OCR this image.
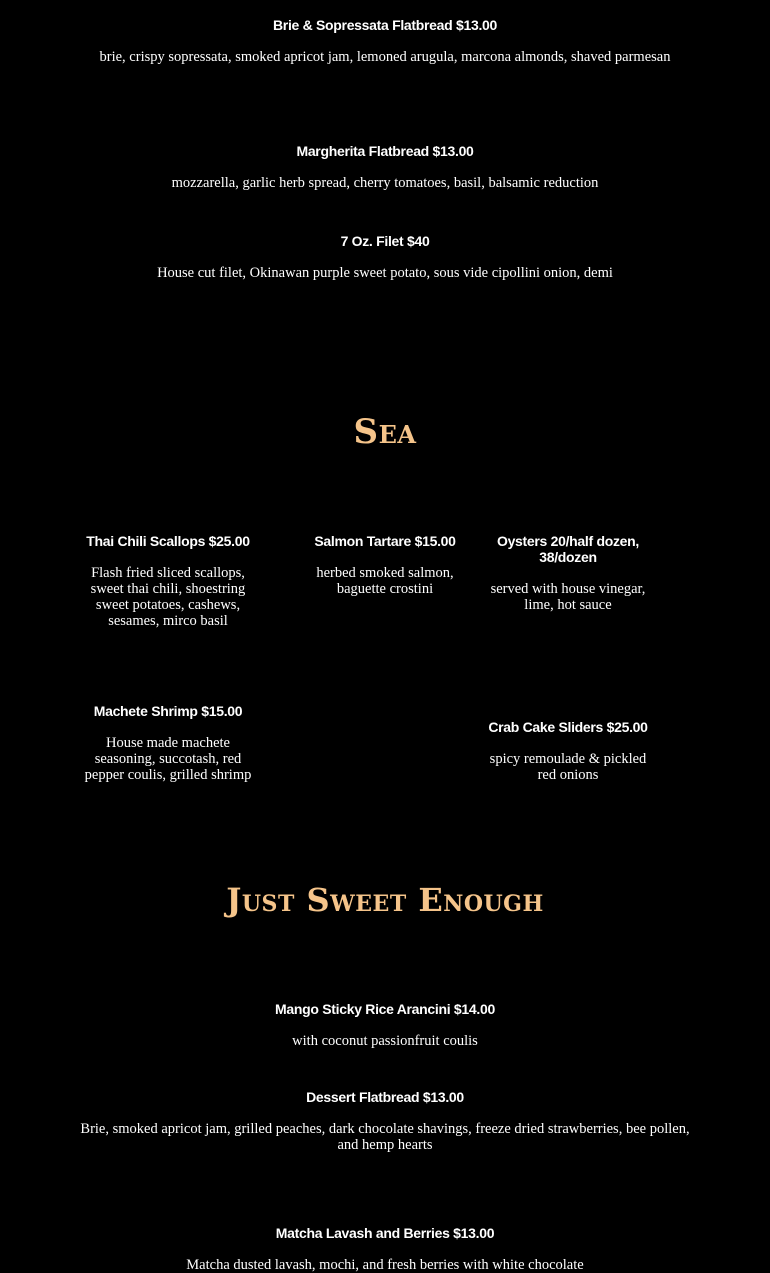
Brie & Sopressata Flatbread $13.00

brie, crispy sopressata, smoked apricot jam, lemoned arugula, marcona almonds, shaved parmesan

Margherita Flatbread $13.00

mozzarella, garlic herb spread, cherry tomatoes, basil, balsamic reduction

7 Oz. Filet $40

House cut filet, Okinawan purple sweet potato, sous vide cipollini onion, demi

Sea

Thai Chili Scallops $25.00

Flash fried sliced scallops, sweet thai chili, shoestring sweet potatoes, cashews, sesames, mirco basil

Salmon Tartare $15.00

herbed smoked salmon, baguette crostini

Oysters 20/half dozen, 38/dozen

served with house vinegar, lime, hot sauce

Machete Shrimp $15.00

House made machete seasoning, succotash, red pepper coulis, grilled shrimp

Crab Cake Sliders $25.00

spicy remoulade & pickled red onions

Just Sweet Enough

Mango Sticky Rice Arancini $14.00

with coconut passionfruit coulis

Dessert Flatbread $13.00

Brie, smoked apricot jam, grilled peaches, dark chocolate shavings, freeze dried strawberries, bee pollen, and hemp hearts

Matcha Lavash and Berries $13.00

Matcha dusted lavash, mochi, and fresh berries with white chocolate
